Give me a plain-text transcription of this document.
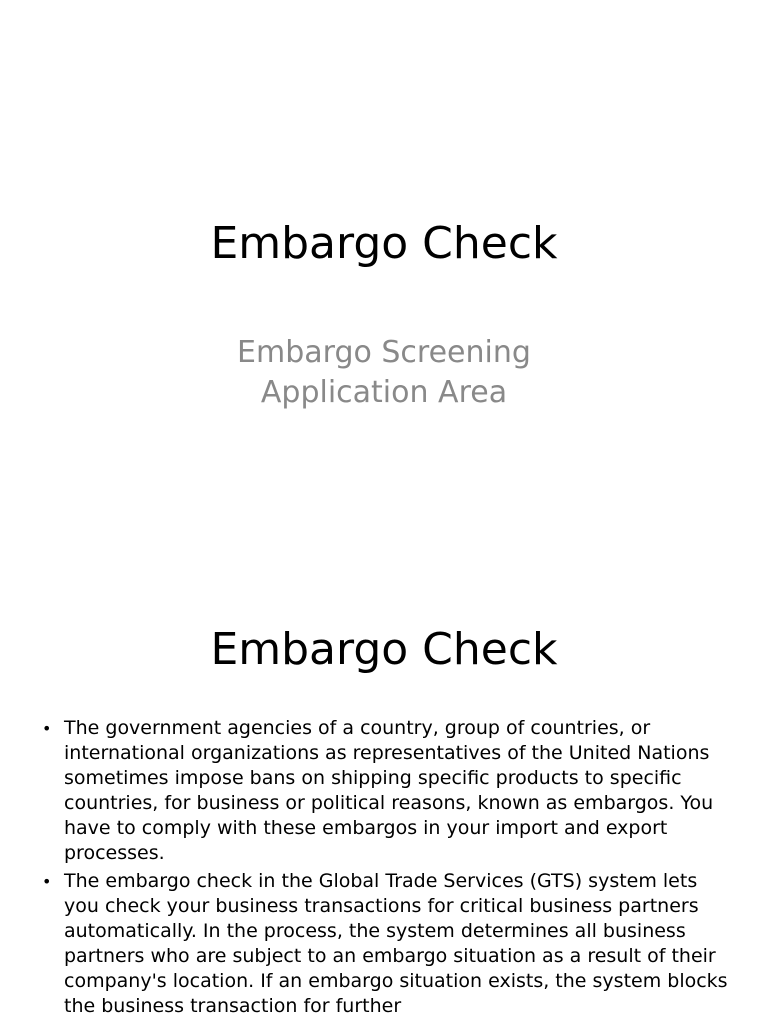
Embargo Check
Embargo Screening
Application Area
Embargo Check
• The government agencies of a country, group of countries, or international organizations as representatives of the United Nations sometimes impose bans on shipping specific products to specific countries, for business or political reasons, known as embargos. You have to comply with these embargos in your import and export processes.
• The embargo check in the Global Trade Services (GTS) system lets you check your business transactions for critical business partners automatically. In the process, the system determines all business partners who are subject to an embargo situation as a result of their company's location. If an embargo situation exists, the system blocks the business transaction for further
